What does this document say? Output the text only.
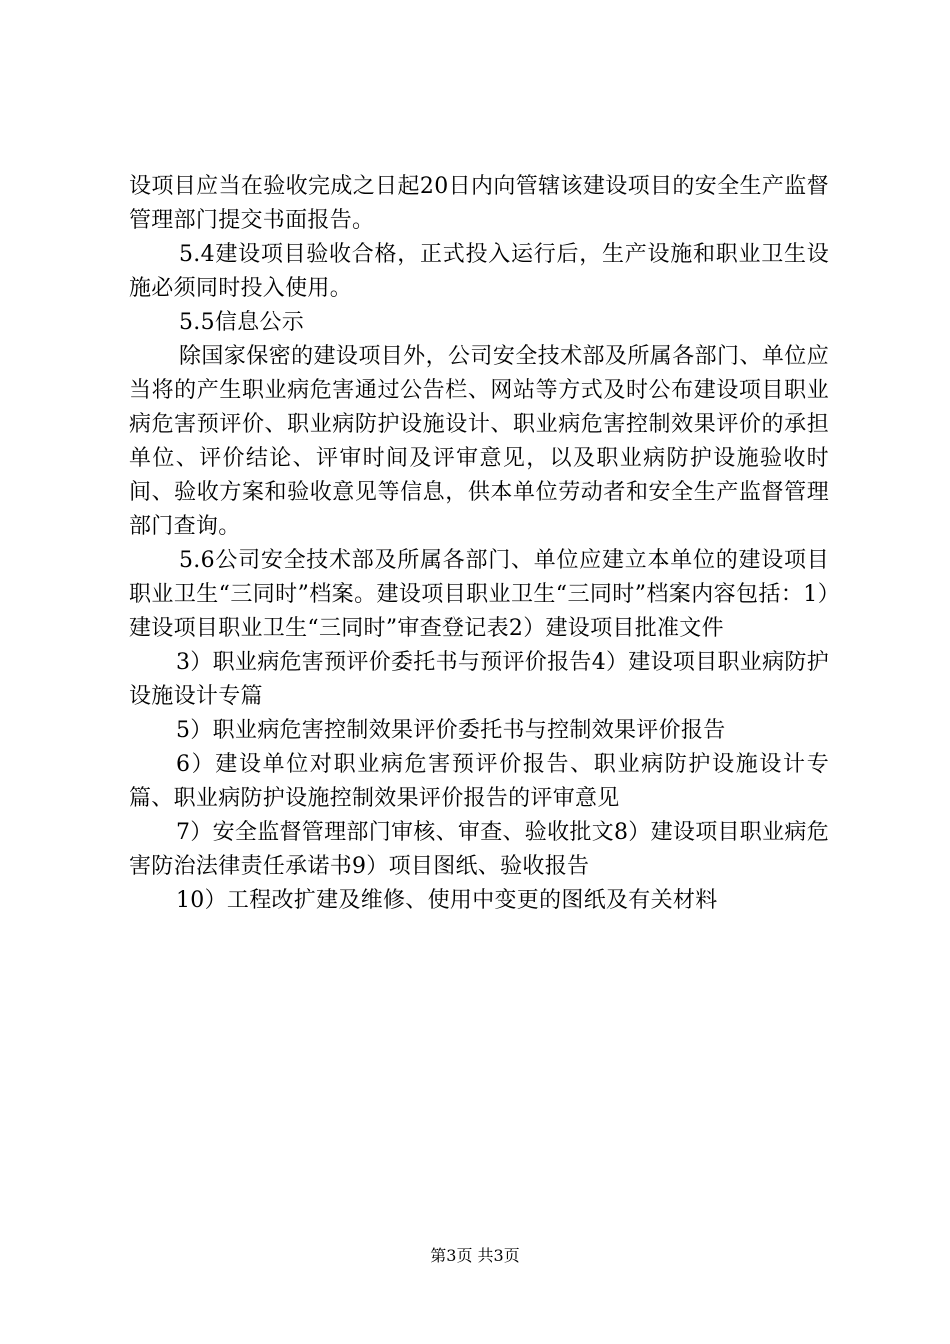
设项目应当在验收完成之日起20日内向管辖该建设项目的安全生产监督管理部门提交书面报告。

5.4建设项目验收合格，正式投入运行后，生产设施和职业卫生设施必须同时投入使用。

5.5信息公示

除国家保密的建设项目外，公司安全技术部及所属各部门、单位应当将的产生职业病危害通过公告栏、网站等方式及时公布建设项目职业病危害预评价、职业病防护设施设计、职业病危害控制效果评价的承担单位、评价结论、评审时间及评审意见，以及职业病防护设施验收时间、验收方案和验收意见等信息，供本单位劳动者和安全生产监督管理部门查询。

5.6公司安全技术部及所属各部门、单位应建立本单位的建设项目职业卫生“三同时”档案。建设项目职业卫生“三同时”档案内容包括：1）建设项目职业卫生“三同时”审查登记表2）建设项目批准文件

3）职业病危害预评价委托书与预评价报告4）建设项目职业病防护设施设计专篇

5）职业病危害控制效果评价委托书与控制效果评价报告

6）建设单位对职业病危害预评价报告、职业病防护设施设计专篇、职业病防护设施控制效果评价报告的评审意见

7）安全监督管理部门审核、审查、验收批文8）建设项目职业病危害防治法律责任承诺书9）项目图纸、验收报告

10）工程改扩建及维修、使用中变更的图纸及有关材料

第3页 共3页
